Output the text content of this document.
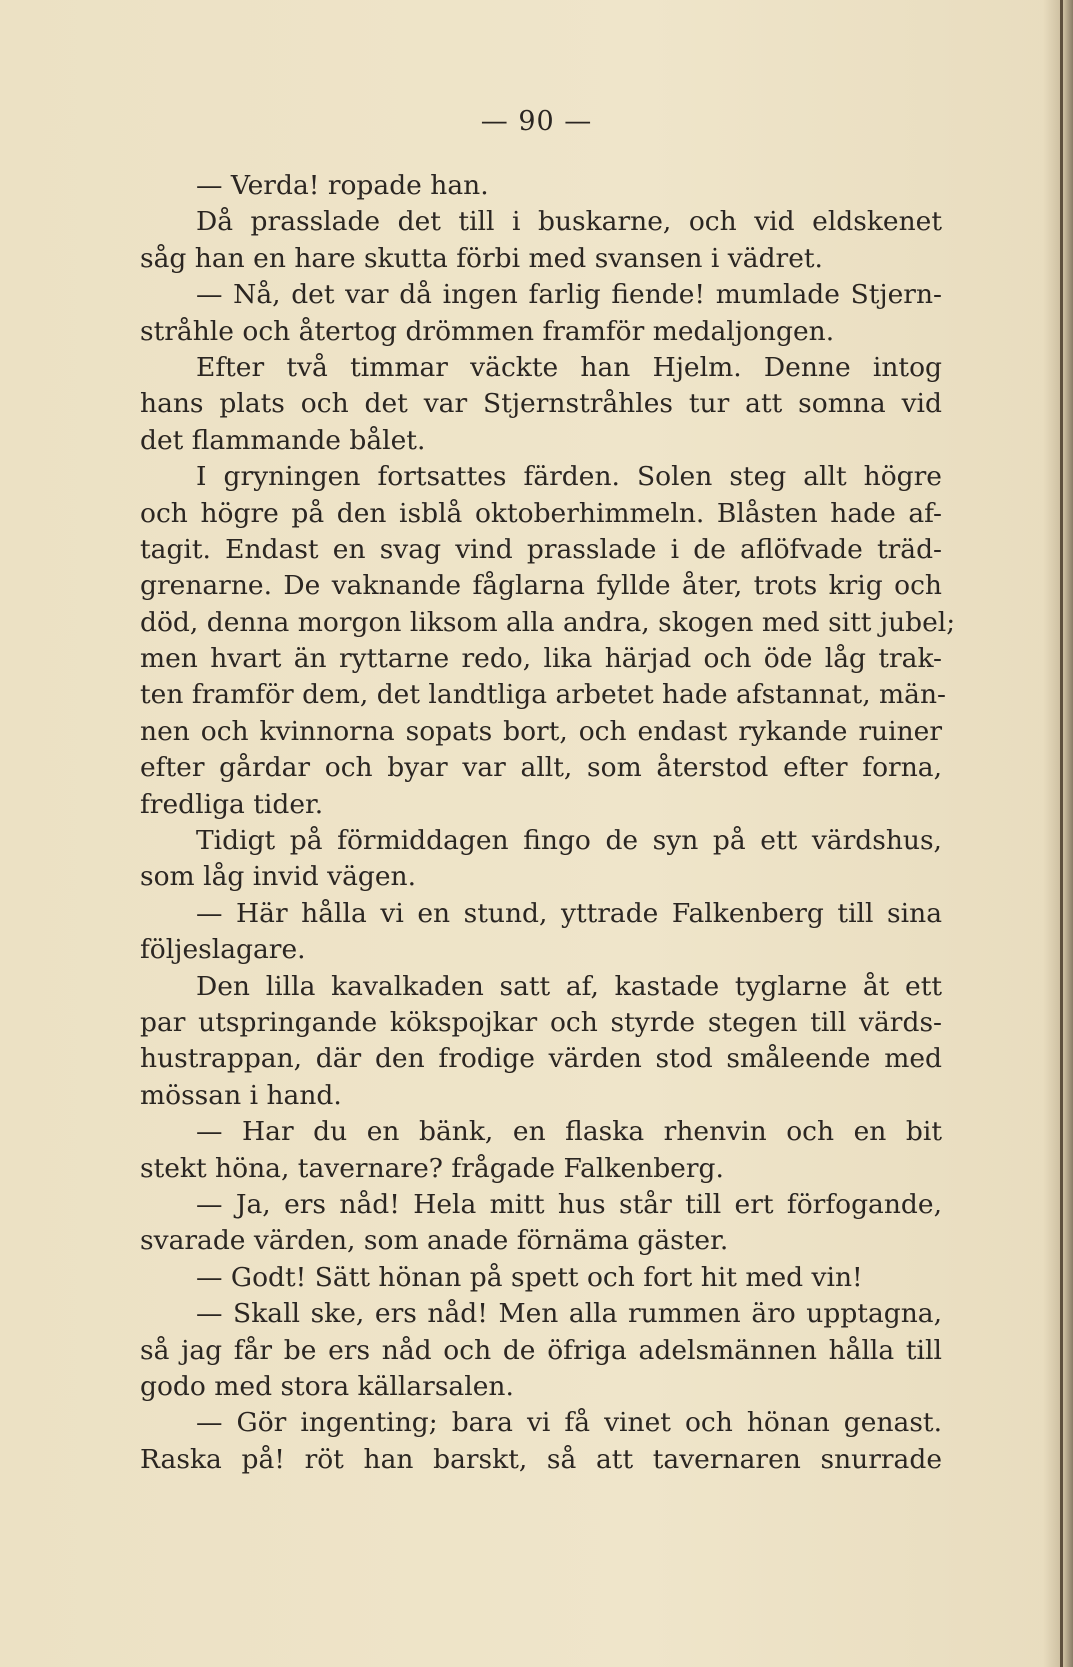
— 90 —
— Verda! ropade han.
Då prasslade det till i buskarne, och vid eldskenet
såg han en hare skutta förbi med svansen i vädret.
— Nå, det var då ingen farlig fiende! mumlade Stjern-
stråhle och återtog drömmen framför medaljongen.
Efter två timmar väckte han Hjelm. Denne intog
hans plats och det var Stjernstråhles tur att somna vid
det flammande bålet.
I gryningen fortsattes färden. Solen steg allt högre
och högre på den isblå oktoberhimmeln. Blåsten hade af-
tagit. Endast en svag vind prasslade i de aflöfvade träd-
grenarne. De vaknande fåglarna fyllde åter, trots krig och
död, denna morgon liksom alla andra, skogen med sitt jubel;
men hvart än ryttarne redo, lika härjad och öde låg trak-
ten framför dem, det landtliga arbetet hade afstannat, män-
nen och kvinnorna sopats bort, och endast rykande ruiner
efter gårdar och byar var allt, som återstod efter forna,
fredliga tider.
Tidigt på förmiddagen fingo de syn på ett värdshus,
som låg invid vägen.
— Här hålla vi en stund, yttrade Falkenberg till sina
följeslagare.
Den lilla kavalkaden satt af, kastade tyglarne åt ett
par utspringande kökspojkar och styrde stegen till värds-
hustrappan, där den frodige värden stod småleende med
mössan i hand.
— Har du en bänk, en flaska rhenvin och en bit
stekt höna, tavernare? frågade Falkenberg.
— Ja, ers nåd! Hela mitt hus står till ert förfogande,
svarade värden, som anade förnäma gäster.
— Godt! Sätt hönan på spett och fort hit med vin!
— Skall ske, ers nåd! Men alla rummen äro upptagna,
så jag får be ers nåd och de öfriga adelsmännen hålla till
godo med stora källarsalen.
— Gör ingenting; bara vi få vinet och hönan genast.
Raska på! röt han barskt, så att tavernaren snurrade
